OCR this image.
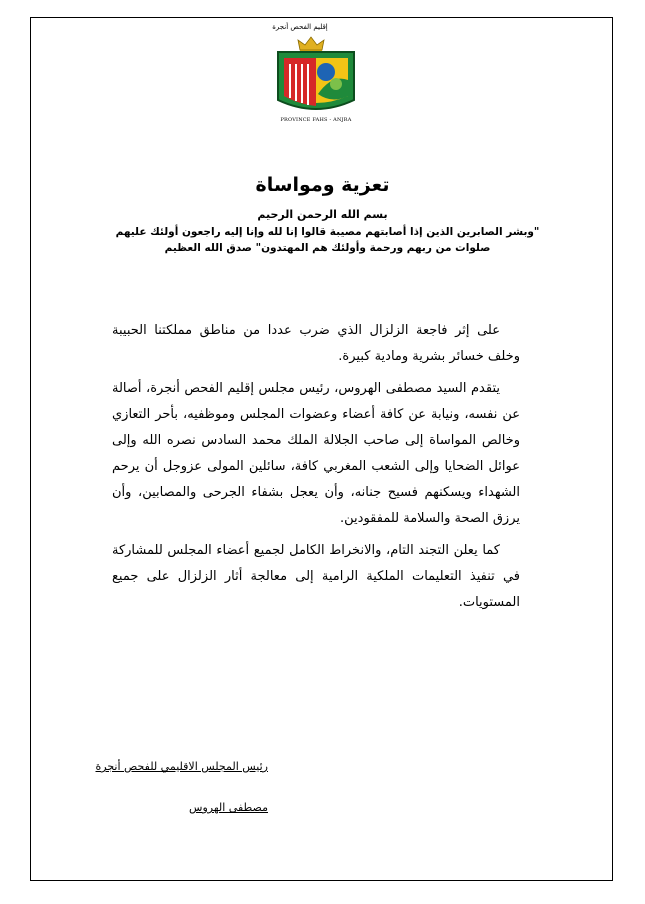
إقليم الفحص أنجرة
PROVINCE FAHS - ANJRA
تعزية ومواساة
بسم الله الرحمن الرحيم

"وبشر الصابرين الذين إذا أصابتهم مصيبة قالوا إنا لله وإنا إليه راجعون أولئك عليهم

صلوات من ربهم ورحمة وأولئك هم المهتدون" صدق الله العظيم

على إثر فاجعة الزلزال الذي ضرب عددا من مناطق مملكتنا الحبيبة وخلف خسائر بشرية ومادية كبيرة.

يتقدم السيد مصطفى الهروس، رئيس مجلس إقليم الفحص أنجرة، أصالة عن نفسه، ونيابة عن كافة أعضاء وعضوات المجلس وموظفيه، بأحر التعازي وخالص المواساة إلى صاحب الجلالة الملك محمد السادس نصره الله وإلى عوائل الضحايا وإلى الشعب المغربي كافة، سائلين المولى عزوجل أن يرحم الشهداء ويسكنهم فسيح جنانه، وأن يعجل بشفاء الجرحى والمصابين، وأن يرزق الصحة والسلامة للمفقودين.

كما يعلن التجند التام، والانخراط الكامل لجميع أعضاء المجلس للمشاركة في تنفيذ التعليمات الملكية الرامية إلى معالجة أثار الزلزال على جميع المستويات.

رئيس المجلس الاقليمي للفحص أنجرة
مصطفى الهروس
